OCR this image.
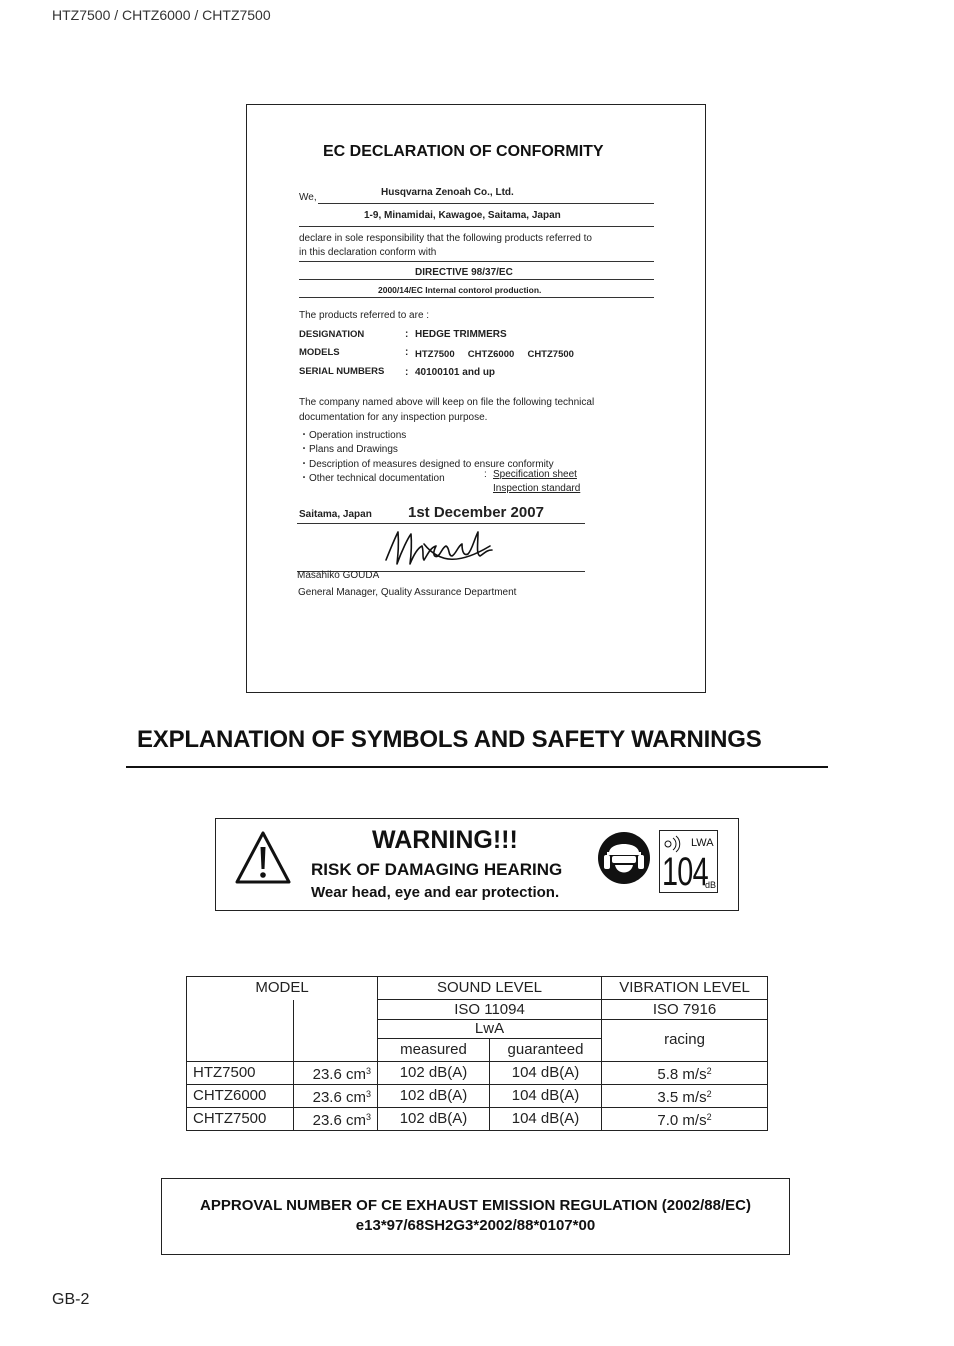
HTZ7500 / CHTZ6000 / CHTZ7500
EC DECLARATION OF CONFORMITY
We,	Husqvarna Zenoah Co., Ltd.
1-9, Minamidai, Kawagoe, Saitama, Japan
declare in sole responsibility that the following products referred to
in this declaration conform with
DIRECTIVE 98/37/EC
2000/14/EC Internal contorol production.
The products referred to are :
DESIGNATION	: HEDGE TRIMMERS
MODELS	: HTZ7500     CHTZ6000     CHTZ7500
SERIAL NUMBERS : 40100101 and up
The company named above will keep on file the following technical
documentation for any inspection purpose.
・Operation instructions
・Plans and Drawings
・Description of measures designed to ensure conformity
・Other technical documentation	: Specification sheet
Inspection standard
Saitama, Japan 1st December 2007
Masahiko GOUDA
General Manager, Quality Assurance Department
EXPLANATION OF SYMBOLS AND SAFETY WARNINGS
WARNING!!!
RISK OF DAMAGING HEARING
Wear head, eye and ear protection.
LWA
104
dB
MODEL		SOUND LEVEL		VIBRATION LEVEL
		ISO 11094		ISO 7916
		LwA		racing
		measured	guaranteed	
HTZ7500	23.6 $cm^3$	102 dB(A)	104 dB(A)	5.8 $m/s^2$
CHTZ6000	23.6 $cm^3$	102 dB(A)	104 dB(A)	3.5 $m/s^2$
CHTZ7500	23.6 $cm^3$	102 dB(A)	104 dB(A)	7.0 $m/s^2$
APPROVAL NUMBER OF CE EXHAUST EMISSION REGULATION (2002/88/EC)
e13*97/68SH2G3*2002/88*0107*00
GB-2
